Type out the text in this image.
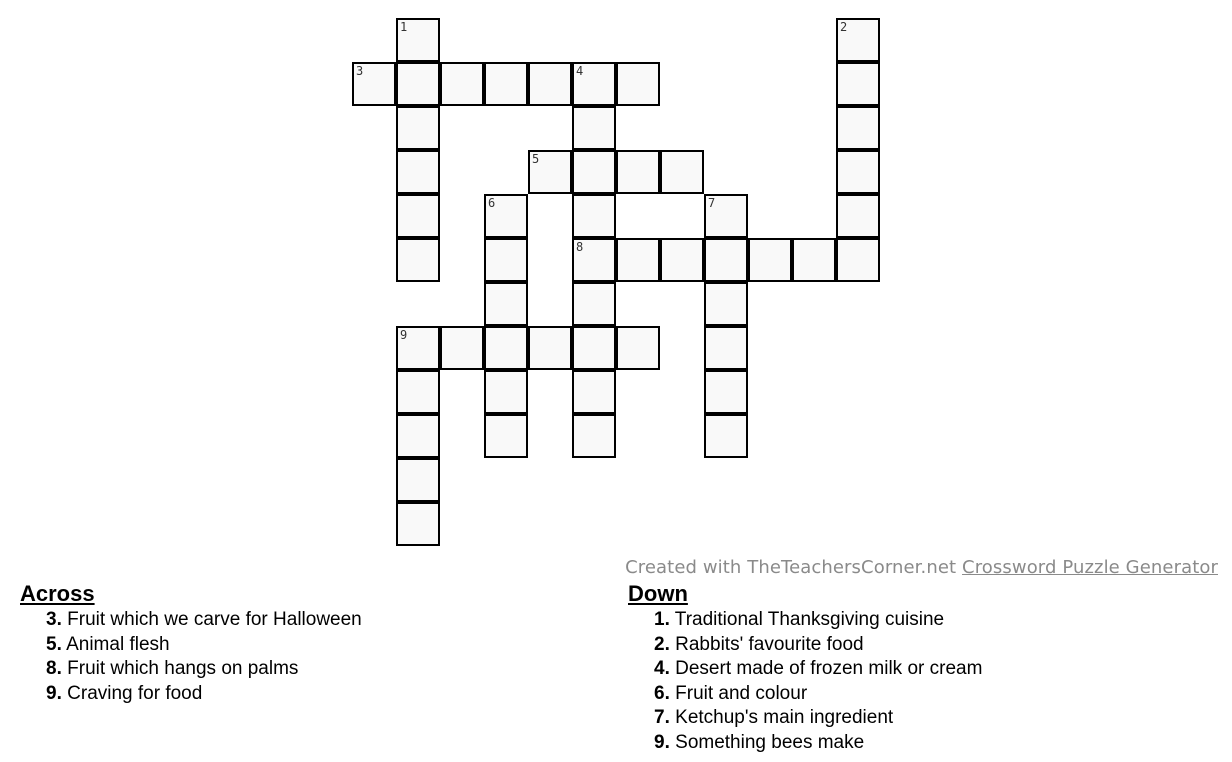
1	2
3	4
8
5
6	7
9
Created with TheTeachersCorner.net Crossword Puzzle Generator
Across
3. Fruit which we carve for Halloween
5. Animal flesh
8. Fruit which hangs on palms
9. Craving for food
Down
1. Traditional Thanksgiving cuisine
2. Rabbits' favourite food
4. Desert made of frozen milk or cream
6. Fruit and colour
7. Ketchup's main ingredient
9. Something bees make
